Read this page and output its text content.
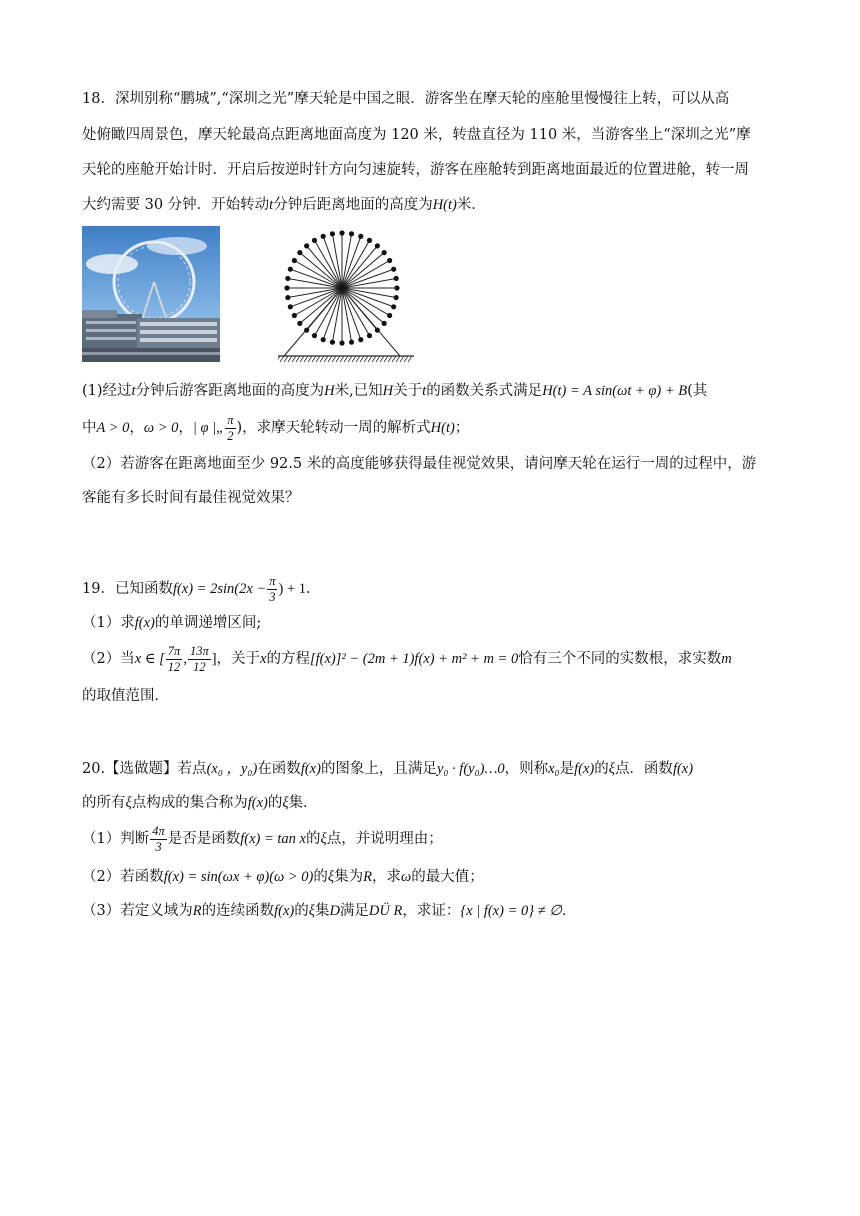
18．深圳别称“鹏城”,“深圳之光”摩天轮是中国之眼．游客坐在摩天轮的座舱里慢慢往上转，可以从高
处俯瞰四周景色，摩天轮最高点距离地面高度为 120 米，转盘直径为 110 米，当游客坐上“深圳之光”摩
天轮的座舱开始计时．开启后按逆时针方向匀速旋转，游客在座舱转到距离地面最近的位置进舱，转一周
大约需要 30 分钟．开始转动t分钟后距离地面的高度为H(t)米．
(1)经过t分钟后游客距离地面的高度为H米,已知H关于t的函数关系式满足H(t) = A sin(ωt + φ) + B(其
中A > 0，ω > 0，| φ |„ $\frac{\pi}{2}$ )，求摩天轮转动一周的解析式H(t)；
（2）若游客在距离地面至少 92.5 米的高度能够获得最佳视觉效果，请问摩天轮在运行一周的过程中，游
客能有多长时间有最佳视觉效果？
19．已知函数$f(x) = 2\sin(2x - \frac{\pi}{3}$ ) + 1．
（1）求f(x)的单调递增区间;
（2）当x ∈ [ $\frac{7\pi}{12}$ , $\frac{13\pi}{12}$ ]，关于x的方程[f(x)]² − (2m + 1)f(x) + m² + m = 0恰有三个不同的实数根，求实数m
的取值范围．
20.【选做题】若点(x₀ ，y₀)在函数f(x)的图象上，且满足y₀ · f(y₀)…0，则称x₀是f(x)的ξ点．函数f(x)
的所有ξ点构成的集合称为f(x)的ξ集．
（1）判断 $\frac{4\pi}{3}$ 是否是函数f(x) = tan x的ξ点，并说明理由；
（2）若函数f(x) = sin(ωx + φ)(ω > 0)的ξ集为R，求ω的最大值；
（3）若定义域为R的连续函数f(x)的ξ集D满足DÜ R，求证：{x | f(x) = 0} ≠ ∅．
